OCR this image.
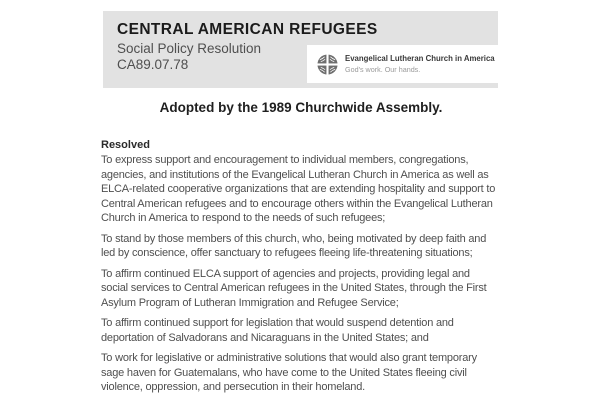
CENTRAL AMERICAN REFUGEES
Social Policy Resolution
CA89.07.78	Evangelical Lutheran Church in America
God's work. Our hands.
Adopted by the 1989 Churchwide Assembly.
Resolved
To express support and encouragement to individual members, congregations,
agencies, and institutions of the Evangelical Lutheran Church in America as well as
ELCA-related cooperative organizations that are extending hospitality and support to
Central American refugees and to encourage others within the Evangelical Lutheran
Church in America to respond to the needs of such refugees;
To stand by those members of this church, who, being motivated by deep faith and
led by conscience, offer sanctuary to refugees fleeing life-threatening situations;
To affirm continued ELCA support of agencies and projects, providing legal and
social services to Central American refugees in the United States, through the First
Asylum Program of Lutheran Immigration and Refugee Service;
To affirm continued support for legislation that would suspend detention and
deportation of Salvadorans and Nicaraguans in the United States; and
To work for legislative or administrative solutions that would also grant temporary
sage haven for Guatemalans, who have come to the United States fleeing civil
violence, oppression, and persecution in their homeland.
